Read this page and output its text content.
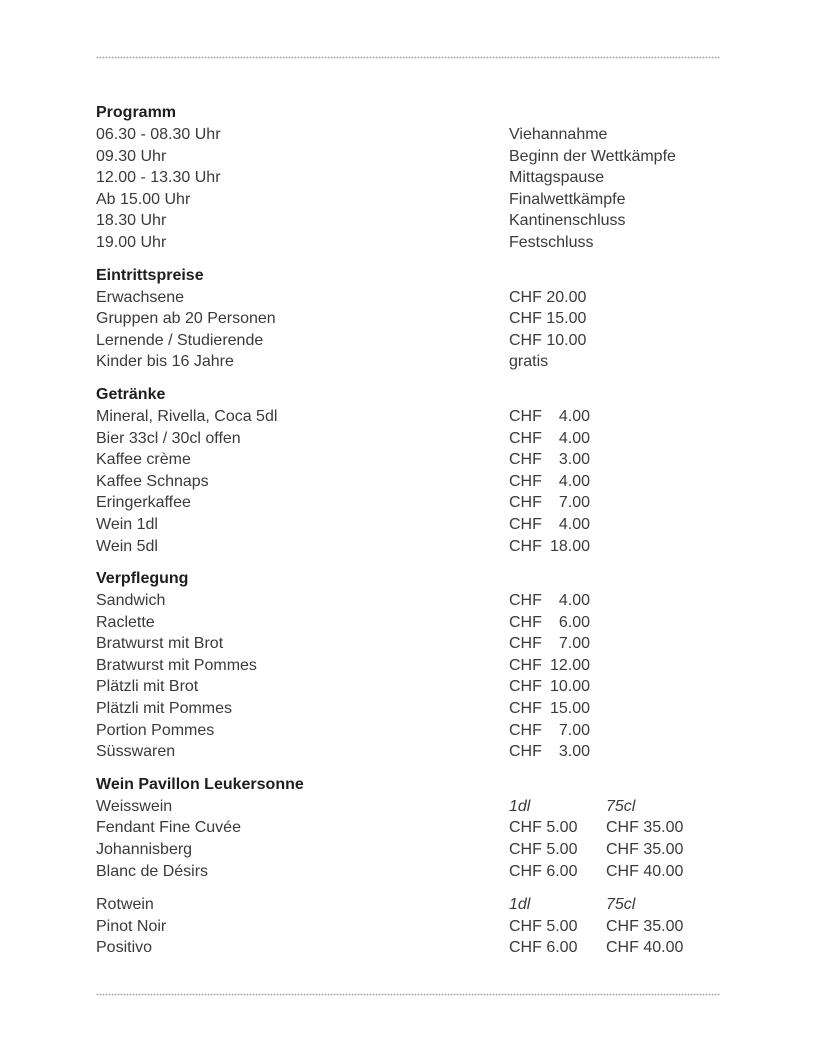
Programm
06.30 - 08.30 Uhr	Viehannahme
09.30 Uhr	Beginn der Wettkämpfe
12.00 - 13.30 Uhr	Mittagspause
Ab 15.00 Uhr	Finalwettkämpfe
18.30 Uhr	Kantinenschluss
19.00 Uhr	Festschluss
Eintrittspreise
Erwachsene	CHF 20.00
Gruppen ab 20 Personen	CHF 15.00
Lernende / Studierende	CHF 10.00
Kinder bis 16 Jahre	gratis
Getränke
Mineral, Rivella, Coca 5dl	CHF	4.00
Bier 33cl / 30cl offen	CHF	4.00
Kaffee crème	CHF	3.00
Kaffee Schnaps	CHF	4.00
Eringerkaffee	CHF	7.00
Wein 1dl	CHF	4.00
Wein 5dl	CHF 18.00
Verpflegung
Sandwich	CHF	4.00
Raclette	CHF	6.00
Bratwurst mit Brot	CHF	7.00
Bratwurst mit Pommes	CHF 12.00
Plätzli mit Brot	CHF 10.00
Plätzli mit Pommes	CHF 15.00
Portion Pommes	CHF	7.00
Süsswaren	CHF	3.00
Wein Pavillon Leukersonne
Weisswein	1dl	75cl
Fendant Fine Cuvée	CHF 5.00 CHF 35.00
Johannisberg	CHF 5.00 CHF 35.00
Blanc de Désirs	CHF 6.00 CHF 40.00
Rotwein	1dl	75cl
Pinot Noir	CHF 5.00 CHF 35.00
Positivo	CHF 6.00 CHF 40.00
